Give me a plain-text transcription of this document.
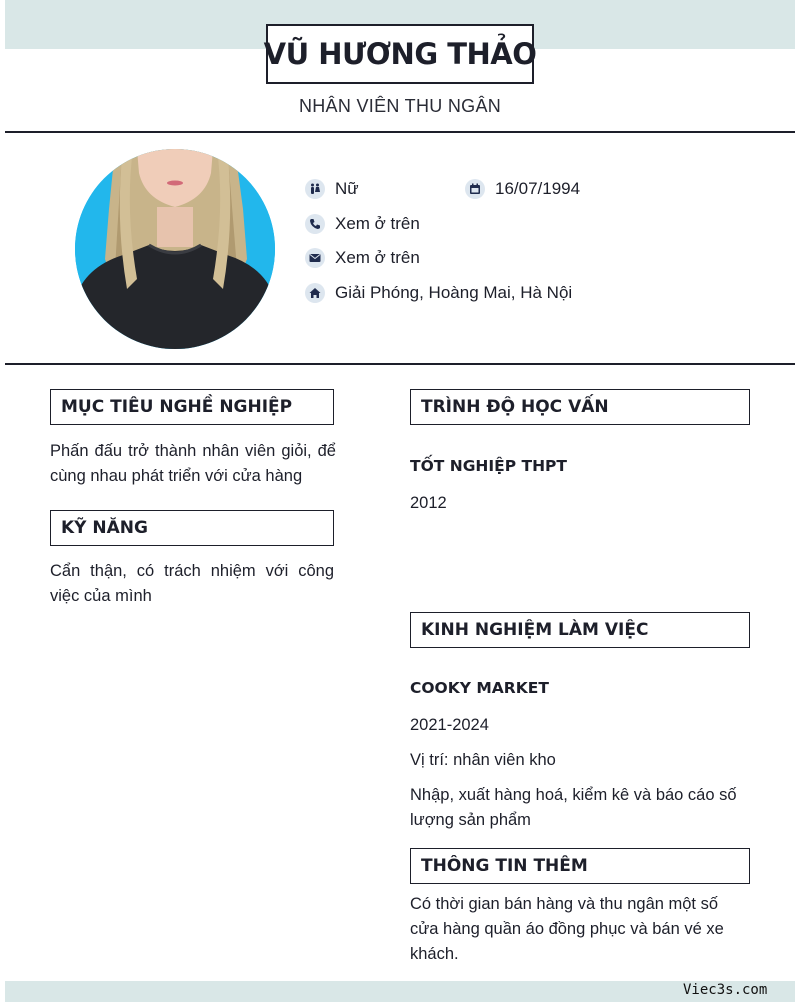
VŨ HƯƠNG THẢO
NHÂN VIÊN THU NGÂN
Nữ	16/07/1994
Xem ở trên
Xem ở trên
Giải Phóng, Hoàng Mai, Hà Nội
MỤC TIÊU NGHỀ NGHIỆP
Phấn đấu trở thành nhân viên giỏi, để cùng nhau phát triển với cửa hàng
KỸ NĂNG
Cẩn thận, có trách nhiệm với công việc của mình
TRÌNH ĐỘ HỌC VẤN
TỐT NGHIỆP THPT
2012
KINH NGHIỆM LÀM VIỆC
COOKY MARKET
2021-2024
Vị trí: nhân viên kho
Nhập, xuất hàng hoá, kiểm kê và báo cáo số lượng sản phẩm
THÔNG TIN THÊM
Có thời gian bán hàng và thu ngân một số cửa hàng quần áo đồng phục và bán vé xe khách.
Viec3s.com
